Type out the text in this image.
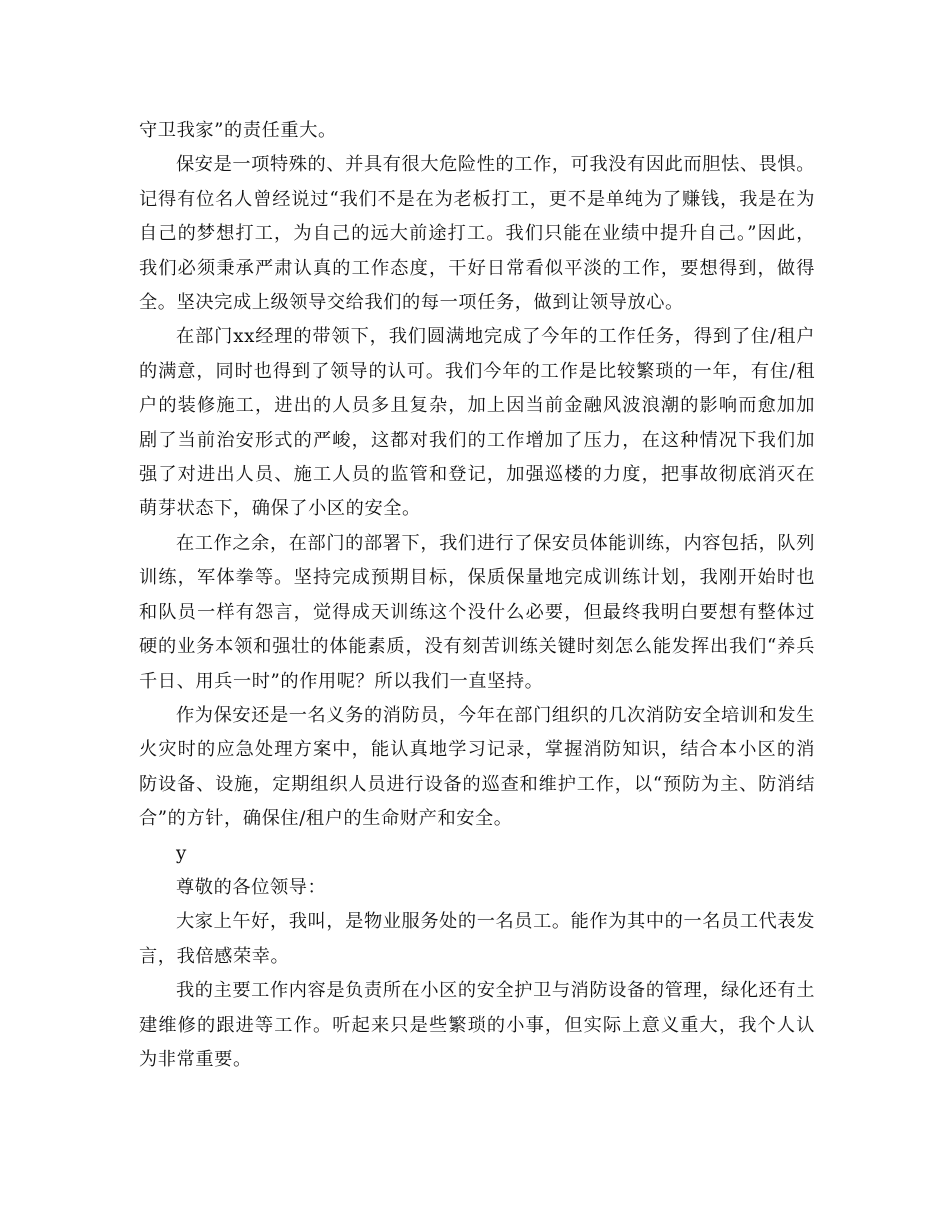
守卫我家”的责任重大。

保安是一项特殊的、并具有很大危险性的工作，可我没有因此而胆怯、畏惧。记得有位名人曾经说过“我们不是在为老板打工，更不是单纯为了赚钱，我是在为自己的梦想打工，为自己的远大前途打工。我们只能在业绩中提升自己。”因此，我们必须秉承严肃认真的工作态度，干好日常看似平淡的工作，要想得到，做得全。坚决完成上级领导交给我们的每一项任务，做到让领导放心。

在部门xx经理的带领下，我们圆满地完成了今年的工作任务，得到了住/租户的满意，同时也得到了领导的认可。我们今年的工作是比较繁琐的一年，有住/租户的装修施工，进出的人员多且复杂，加上因当前金融风波浪潮的影响而愈加加剧了当前治安形式的严峻，这都对我们的工作增加了压力，在这种情况下我们加强了对进出人员、施工人员的监管和登记，加强巡楼的力度，把事故彻底消灭在萌芽状态下，确保了小区的安全。

在工作之余，在部门的部署下，我们进行了保安员体能训练，内容包括，队列训练，军体拳等。坚持完成预期目标，保质保量地完成训练计划，我刚开始时也和队员一样有怨言，觉得成天训练这个没什么必要，但最终我明白要想有整体过硬的业务本领和强壮的体能素质，没有刻苦训练关键时刻怎么能发挥出我们“养兵千日、用兵一时”的作用呢？所以我们一直坚持。

作为保安还是一名义务的消防员，今年在部门组织的几次消防安全培训和发生火灾时的应急处理方案中，能认真地学习记录，掌握消防知识，结合本小区的消防设备、设施，定期组织人员进行设备的巡查和维护工作，以“预防为主、防消结合”的方针，确保住/租户的生命财产和安全。

y

尊敬的各位领导：

大家上午好，我叫，是物业服务处的一名员工。能作为其中的一名员工代表发言，我倍感荣幸。

我的主要工作内容是负责所在小区的安全护卫与消防设备的管理，绿化还有土建维修的跟进等工作。听起来只是些繁琐的小事，但实际上意义重大，我个人认为非常重要。
